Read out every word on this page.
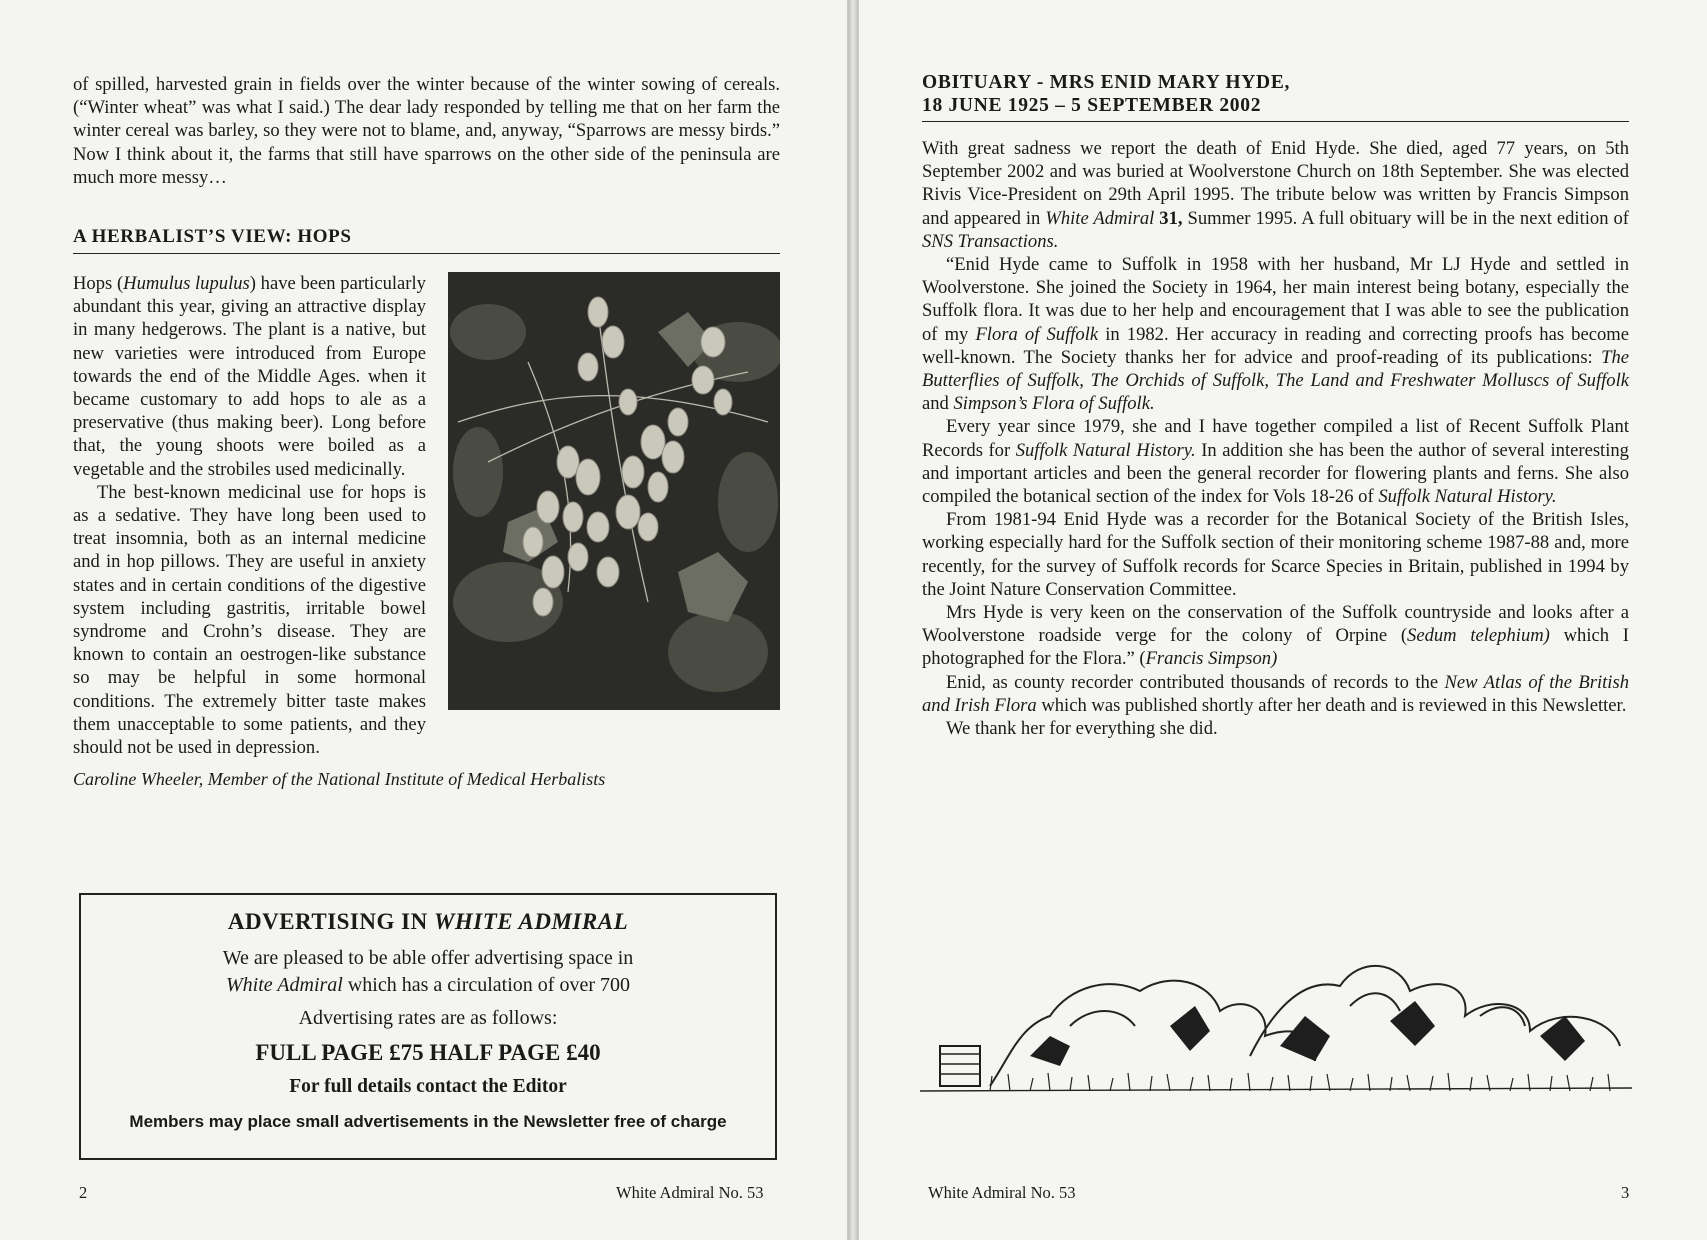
of spilled, harvested grain in fields over the winter because of the winter sowing of cereals. (“Winter wheat” was what I said.) The dear lady responded by telling me that on her farm the winter cereal was barley, so they were not to blame, and, anyway, “Sparrows are messy birds.” Now I think about it, the farms that still have sparrows on the other side of the peninsula are much more messy…

A HERBALIST’S VIEW: HOPS

Hops (Humulus lupulus) have been particularly abundant this year, giving an attractive display in many hedgerows. The plant is a native, but new varieties were introduced from Europe towards the end of the Middle Ages. when it became customary to add hops to ale as a preservative (thus making beer). Long before that, the young shoots were boiled as a vegetable and the strobiles used medicinally.

The best-known medicinal use for hops is as a sedative. They have long been used to treat insomnia, both as an internal medicine and in hop pillows. They are useful in anxiety states and in certain conditions of the digestive system including gastritis, irritable bowel syndrome and Crohn’s disease. They are known to contain an oestrogen-like substance so may be helpful in some hormonal conditions. The extremely bitter taste makes them unacceptable to some patients, and they should not be used in depression.

Caroline Wheeler, Member of the National Institute of Medical Herbalists

ADVERTISING IN WHITE ADMIRAL
We are pleased to be able offer advertising space in
White Admiral which has a circulation of over 700
Advertising rates are as follows:
FULL PAGE £75 HALF PAGE £40
For full details contact the Editor
Members may place small advertisements in the Newsletter free of charge
2	White Admiral No. 53
OBITUARY - MRS ENID MARY HYDE,
18 JUNE 1925 – 5 SEPTEMBER 2002

With great sadness we report the death of Enid Hyde. She died, aged 77 years, on 5th September 2002 and was buried at Woolverstone Church on 18th September. She was elected Rivis Vice-President on 29th April 1995. The tribute below was written by Francis Simpson and appeared in White Admiral 31, Summer 1995. A full obituary will be in the next edition of SNS Transactions.

“Enid Hyde came to Suffolk in 1958 with her husband, Mr LJ Hyde and settled in Woolverstone. She joined the Society in 1964, her main interest being botany, especially the Suffolk flora. It was due to her help and encouragement that I was able to see the publication of my Flora of Suffolk in 1982. Her accuracy in reading and correcting proofs has become well-known. The Society thanks her for advice and proof-reading of its publications: The Butterflies of Suffolk, The Orchids of Suffolk, The Land and Freshwater Molluscs of Suffolk and Simpson’s Flora of Suffolk.

Every year since 1979, she and I have together compiled a list of Recent Suffolk Plant Records for Suffolk Natural History. In addition she has been the author of several interesting and important articles and been the general recorder for flowering plants and ferns. She also compiled the botanical section of the index for Vols 18-26 of Suffolk Natural History.

From 1981-94 Enid Hyde was a recorder for the Botanical Society of the British Isles, working especially hard for the Suffolk section of their monitoring scheme 1987-88 and, more recently, for the survey of Suffolk records for Scarce Species in Britain, published in 1994 by the Joint Nature Conservation Committee.

Mrs Hyde is very keen on the conservation of the Suffolk countryside and looks after a Woolverstone roadside verge for the colony of Orpine (Sedum telephium) which I photographed for the Flora.” (Francis Simpson)

Enid, as county recorder contributed thousands of records to the New Atlas of the British and Irish Flora which was published shortly after her death and is reviewed in this Newsletter.

We thank her for everything she did.

White Admiral No. 53	3
